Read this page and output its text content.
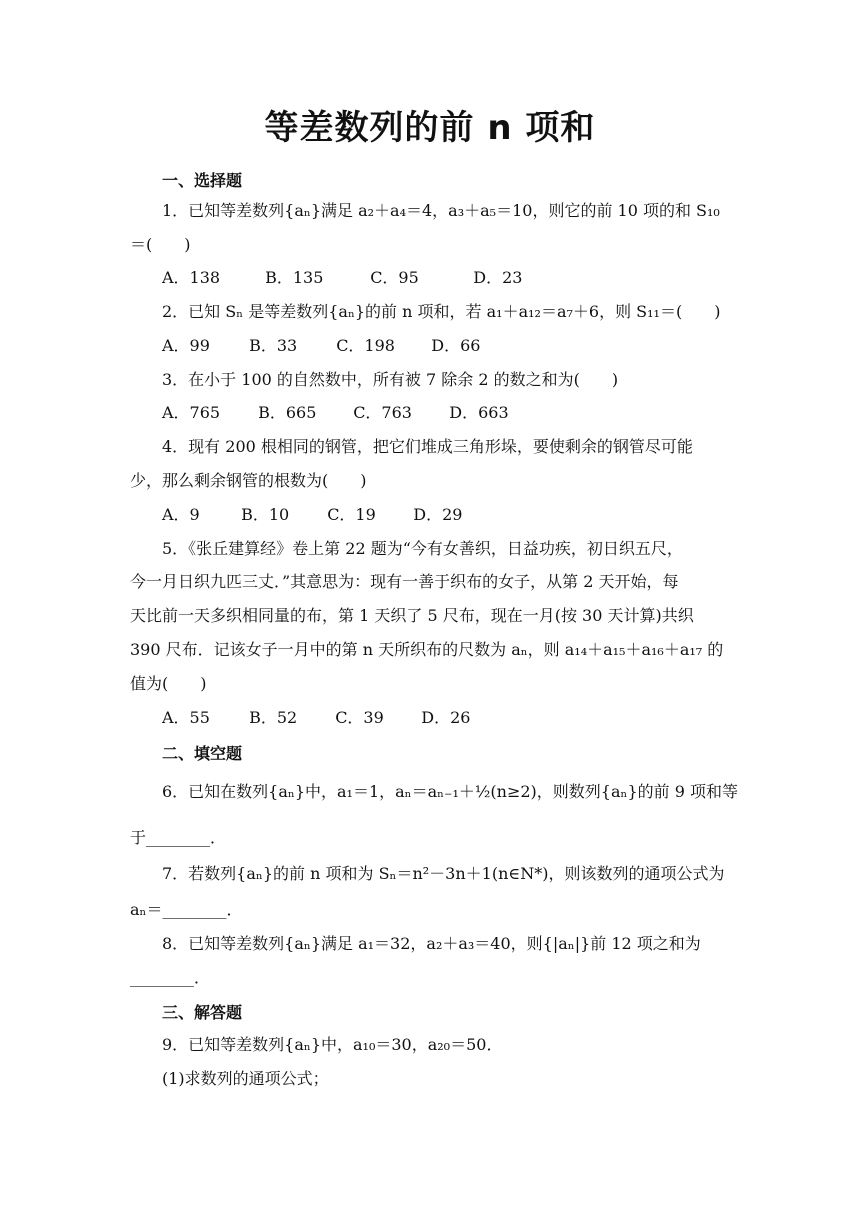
等差数列的前 n 项和
一、选择题
1．已知等差数列{aₙ}满足 a₂＋a₄＝4，a₃＋a₅＝10，则它的前 10 项的和 S₁₀
＝(　　)
A．138	B．135	C．95	D．23
2．已知 Sₙ 是等差数列{aₙ}的前 n 项和，若 a₁＋a₁₂＝a₇＋6，则 S₁₁＝(　　)
A．99 B．33 C．198 D．66
3．在小于 100 的自然数中，所有被 7 除余 2 的数之和为(　　)
A．765 B．665 C．763 D．663
4．现有 200 根相同的钢管，把它们堆成三角形垛，要使剩余的钢管尽可能
少，那么剩余钢管的根数为(　　)
A．9	B．10 C．19 D．29
5．《张丘建算经》卷上第 22 题为“今有女善织，日益功疾，初日织五尺，
今一月日织九匹三丈．”其意思为：现有一善于织布的女子，从第 2 天开始，每
天比前一天多织相同量的布，第 1 天织了 5 尺布，现在一月(按 30 天计算)共织
390 尺布．记该女子一月中的第 n 天所织布的尺数为 aₙ，则 a₁₄＋a₁₅＋a₁₆＋a₁₇ 的
值为(　　)
A．55 B．52 C．39 D．26
二、填空题
6．已知在数列{aₙ}中，a₁＝1，aₙ＝aₙ₋₁＋½(n≥2)，则数列{aₙ}的前 9 项和等
于________．
7．若数列{aₙ}的前 n 项和为 Sₙ＝n²－3n＋1(n∈N*)，则该数列的通项公式为
aₙ＝________．
8．已知等差数列{aₙ}满足 a₁＝32，a₂＋a₃＝40，则{|aₙ|}前 12 项之和为
________．
三、解答题
9．已知等差数列{aₙ}中，a₁₀＝30，a₂₀＝50．
(1)求数列的通项公式；
